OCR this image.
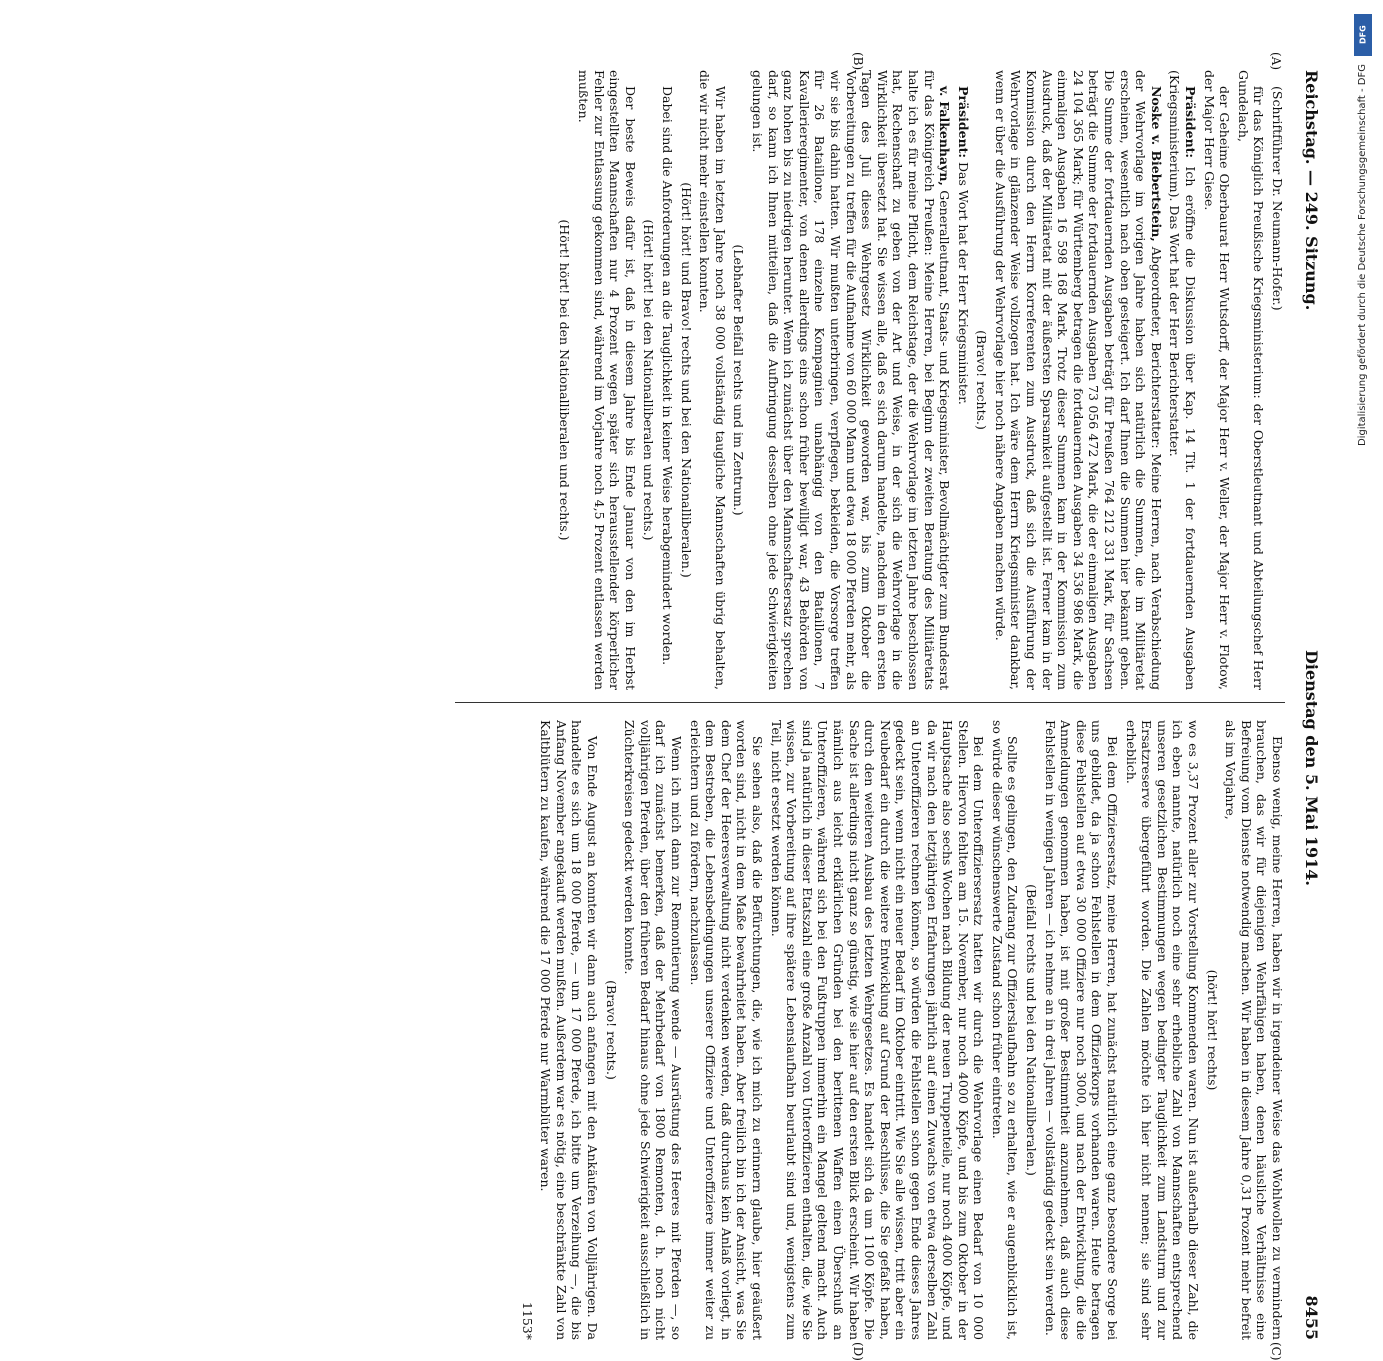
Reichstag. — 249. Sitzung.
Dienstag den 5. Mai 1914.
8455

(Schriftführer Dr. Neumann-Hofer.)

für das Königlich Preußische Kriegsministerium: der Oberstleutnant und Abteilungschef Herr Gundelach,

der Geheime Oberbaurat Herr Wutsdorff, der Major Herr v. Weller, der Major Herr v. Flotow, der Major Herr Giese.

Präsident: Ich eröffne die Diskussion über Kap. 14 Tit. 1 der fortdauernden Ausgaben (Kriegsministerium). Das Wort hat der Herr Berichterstatter.

Noske v. Biebertstein, Abgeordneter, Berichterstatter: Meine Herren, nach Verabschiedung der Wehrvorlage im vorigen Jahre haben sich natürlich die Summen, die im Militäretat erscheinen, wesentlich nach oben gesteigert. Ich darf Ihnen die Summen hier bekannt geben. Die Summe der fortdauernden Ausgaben beträgt für Preußen 764 212 331 Mark, für Sachsen beträgt die Summe der fortdauernden Ausgaben 73 056 472 Mark, die der einmaligen Ausgaben 24 104 365 Mark; für Württemberg betragen die fortdauernden Ausgaben 34 536 986 Mark, die einmaligen Ausgaben 16 598 168 Mark. Trotz dieser Summen kam in der Kommission zum Ausdruck, daß der Militäretat mit der äußersten Sparsamkeit aufgestellt ist. Ferner kam in der Kommission durch den Herrn Korreferenten zum Ausdruck, daß sich die Ausführung der Wehrvorlage in glänzender Weise vollzogen hat. Ich wäre dem Herrn Kriegsminister dankbar, wenn er über die Ausführung der Wehrvorlage hier noch nähere Angaben machen würde.

(Bravo! rechts.)

Präsident: Das Wort hat der Herr Kriegsminister.

v. Falkenhayn, Generalleutnant, Staats- und Kriegsminister, Bevollmächtigter zum Bundesrat für das Königreich Preußen: Meine Herren, bei Beginn der zweiten Beratung des Militäretats halte ich es für meine Pflicht, dem Reichstage, der die Wehrvorlage im letzten Jahre beschlossen hat, Rechenschaft zu geben von der Art und Weise, in der sich die Wehrvorlage in die Wirklichkeit übersetzt hat. Sie wissen alle, daß es sich darum handelte, nachdem in den ersten Tagen des Juli dieses Wehrgesetz Wirklichkeit geworden war, bis zum Oktober die Vorbereitungen zu treffen für die Aufnahme von 60 000 Mann und etwa 18 000 Pferden mehr, als wir sie bis dahin hatten. Wir mußten unterbringen, verpflegen, bekleiden, die Vorsorge treffen für 26 Bataillone, 178 einzelne Kompagnien unabhängig von den Bataillonen, 7 Kavallerieregimenter, von denen allerdings eins schon früher bewilligt war, 43 Behörden von ganz hohen bis zu niedrigen herunter. Wenn ich zunächst über den Mannschaftsersatz sprechen darf, so kann ich Ihnen mitteilen, daß die Aufbringung desselben ohne jede Schwierigkeiten gelungen ist.

(Lebhafter Beifall rechts und im Zentrum.)

Wir haben im letzten Jahre noch 38 000 vollständig taugliche Mannschaften übrig behalten, die wir nicht mehr einstellen konnten.

(Hört! hört! und Bravo! rechts und bei den Nationalliberalen.)

Dabei sind die Anforderungen an die Tauglichkeit in keiner Weise herabgemindert worden.

(Hört! hört! bei den Nationalliberalen und rechts.)

Der beste Beweis dafür ist, daß in diesem Jahre bis Ende Januar von den im Herbst eingestellten Mannschaften nur 4 Prozent wegen später sich herausstellender körperlicher Fehler zur Entlassung gekommen sind, während im Vorjahre noch 4,5 Prozent entlassen werden mußten.

(Hört! hört! bei den Nationalliberalen und rechts.)

Ebenso wenig, meine Herren, haben wir in irgendeiner Weise das Wohlwollen zu vermindern brauchen, das wir für diejenigen Wehrfähigen haben, denen häusliche Verhältnisse eine Befreiung vom Dienste notwendig machen. Wir haben in diesem Jahre 0,31 Prozent mehr befreit als im Vorjahre,

(hört! hört! rechts)

wo es 3,37 Prozent aller zur Vorstellung Kommenden waren. Nun ist außerhalb dieser Zahl, die ich eben nannte, natürlich noch eine sehr erhebliche Zahl von Mannschaften entsprechend unseren gesetzlichen Bestimmungen wegen bedingter Tauglichkeit zum Landsturm und zur Ersatzreserve übergeführt worden. Die Zahlen möchte ich hier nicht nennen; sie sind sehr erheblich.

Bei dem Offiziersersatz, meine Herren, hat zunächst natürlich eine ganz besondere Sorge bei uns gebildet, da ja schon Fehlstellen in dem Offizierkorps vorhanden waren. Heute betragen diese Fehlstellen auf etwa 30 000 Offiziere nur noch 3000, und nach der Entwicklung, die die Anmeldungen genommen haben, ist mit großer Bestimmtheit anzunehmen, daß auch diese Fehlstellen in wenigen Jahren — ich nehme an in drei Jahren — vollständig gedeckt sein werden.

(Beifall rechts und bei den Nationalliberalen.)

Sollte es gelingen, den Zudrang zur Offizierslaufbahn so zu erhalten, wie er augenblicklich ist, so würde dieser wünschenswerte Zustand schon früher eintreten.

Bei dem Unteroffiziersersatz hatten wir durch die Wehrvorlage einen Bedarf von 10 000 Stellen. Hiervon fehlten am 15. November, nur noch 4000 Köpfe, und bis zum Oktober in der Hauptsache also sechs Wochen nach Bildung der neuen Truppenteile, nur noch 4000 Köpfe, und da wir nach den letztjährigen Erfahrungen jährlich auf einen Zuwachs von etwa derselben Zahl an Unteroffizieren rechnen können, so würden die Fehlstellen schon gegen Ende dieses Jahres gedeckt sein, wenn nicht ein neuer Bedarf im Oktober eintritt. Wie Sie alle wissen, tritt aber ein Neubedarf ein durch die weitere Entwicklung auf Grund der Beschlüsse, die Sie gefaßt haben, durch den weiteren Ausbau des letzten Wehrgesetzes. Es handelt sich da um 1100 Köpfe. Die Sache ist allerdings nicht ganz so günstig, wie sie hier auf den ersten Blick erscheint. Wir haben nämlich aus leicht erklärlichen Gründen bei den berittenen Waffen einen Überschuß an Unteroffizieren, während sich bei den Fußtruppen immerhin ein Mangel geltend macht. Auch sind ja natürlich in dieser Etatszahl eine große Anzahl von Unteroffizieren enthalten, die, wie Sie wissen, zur Vorbereitung auf ihre spätere Lebenslaufbahn beurlaubt sind und, wenigstens zum Teil, nicht ersetzt werden können.

Sie sehen also, daß die Befürchtungen, die, wie ich mich zu erinnern glaube, hier geäußert worden sind, nicht in dem Maße bewahrheitet haben. Aber freilich bin ich der Ansicht, was Sie dem Chef der Heeresverwaltung nicht verdenken werden, daß durchaus kein Anlaß vorliegt, in dem Bestreben, die Lebensbedingungen unserer Offiziere und Unteroffiziere immer weiter zu erleichtern und zu fördern, nachzulassen.

Wenn ich mich dann zur Remontierung wende — Ausrüstung des Heeres mit Pferden —, so darf ich zunächst bemerken, daß der Mehrbedarf von 1800 Remonten, d. h. noch nicht volljährigen Pferden, über den früheren Bedarf hinaus ohne jede Schwierigkeit ausschließlich in Züchterkreisen gedeckt werden konnte.

(Bravo! rechts.)

Von Ende August an konnten wir dann auch anfangen mit den Ankäufen von Volljährigen. Da handelte es sich um 18 000 Pferde, — um 17 000 Pferde, ich bitte um Verzeihung —, die bis Anfang November angekauft werden mußten. Außerdem war es nötig, eine beschränkte Zahl von Kaltblütern zu kaufen, während die 17 000 Pferde nur Warmblüter waren.

1153*

(A)
(B)
(C)
(D)
DFG
Digitalisierung gefördert durch die Deutsche Forschungsgemeinschaft - DFG
